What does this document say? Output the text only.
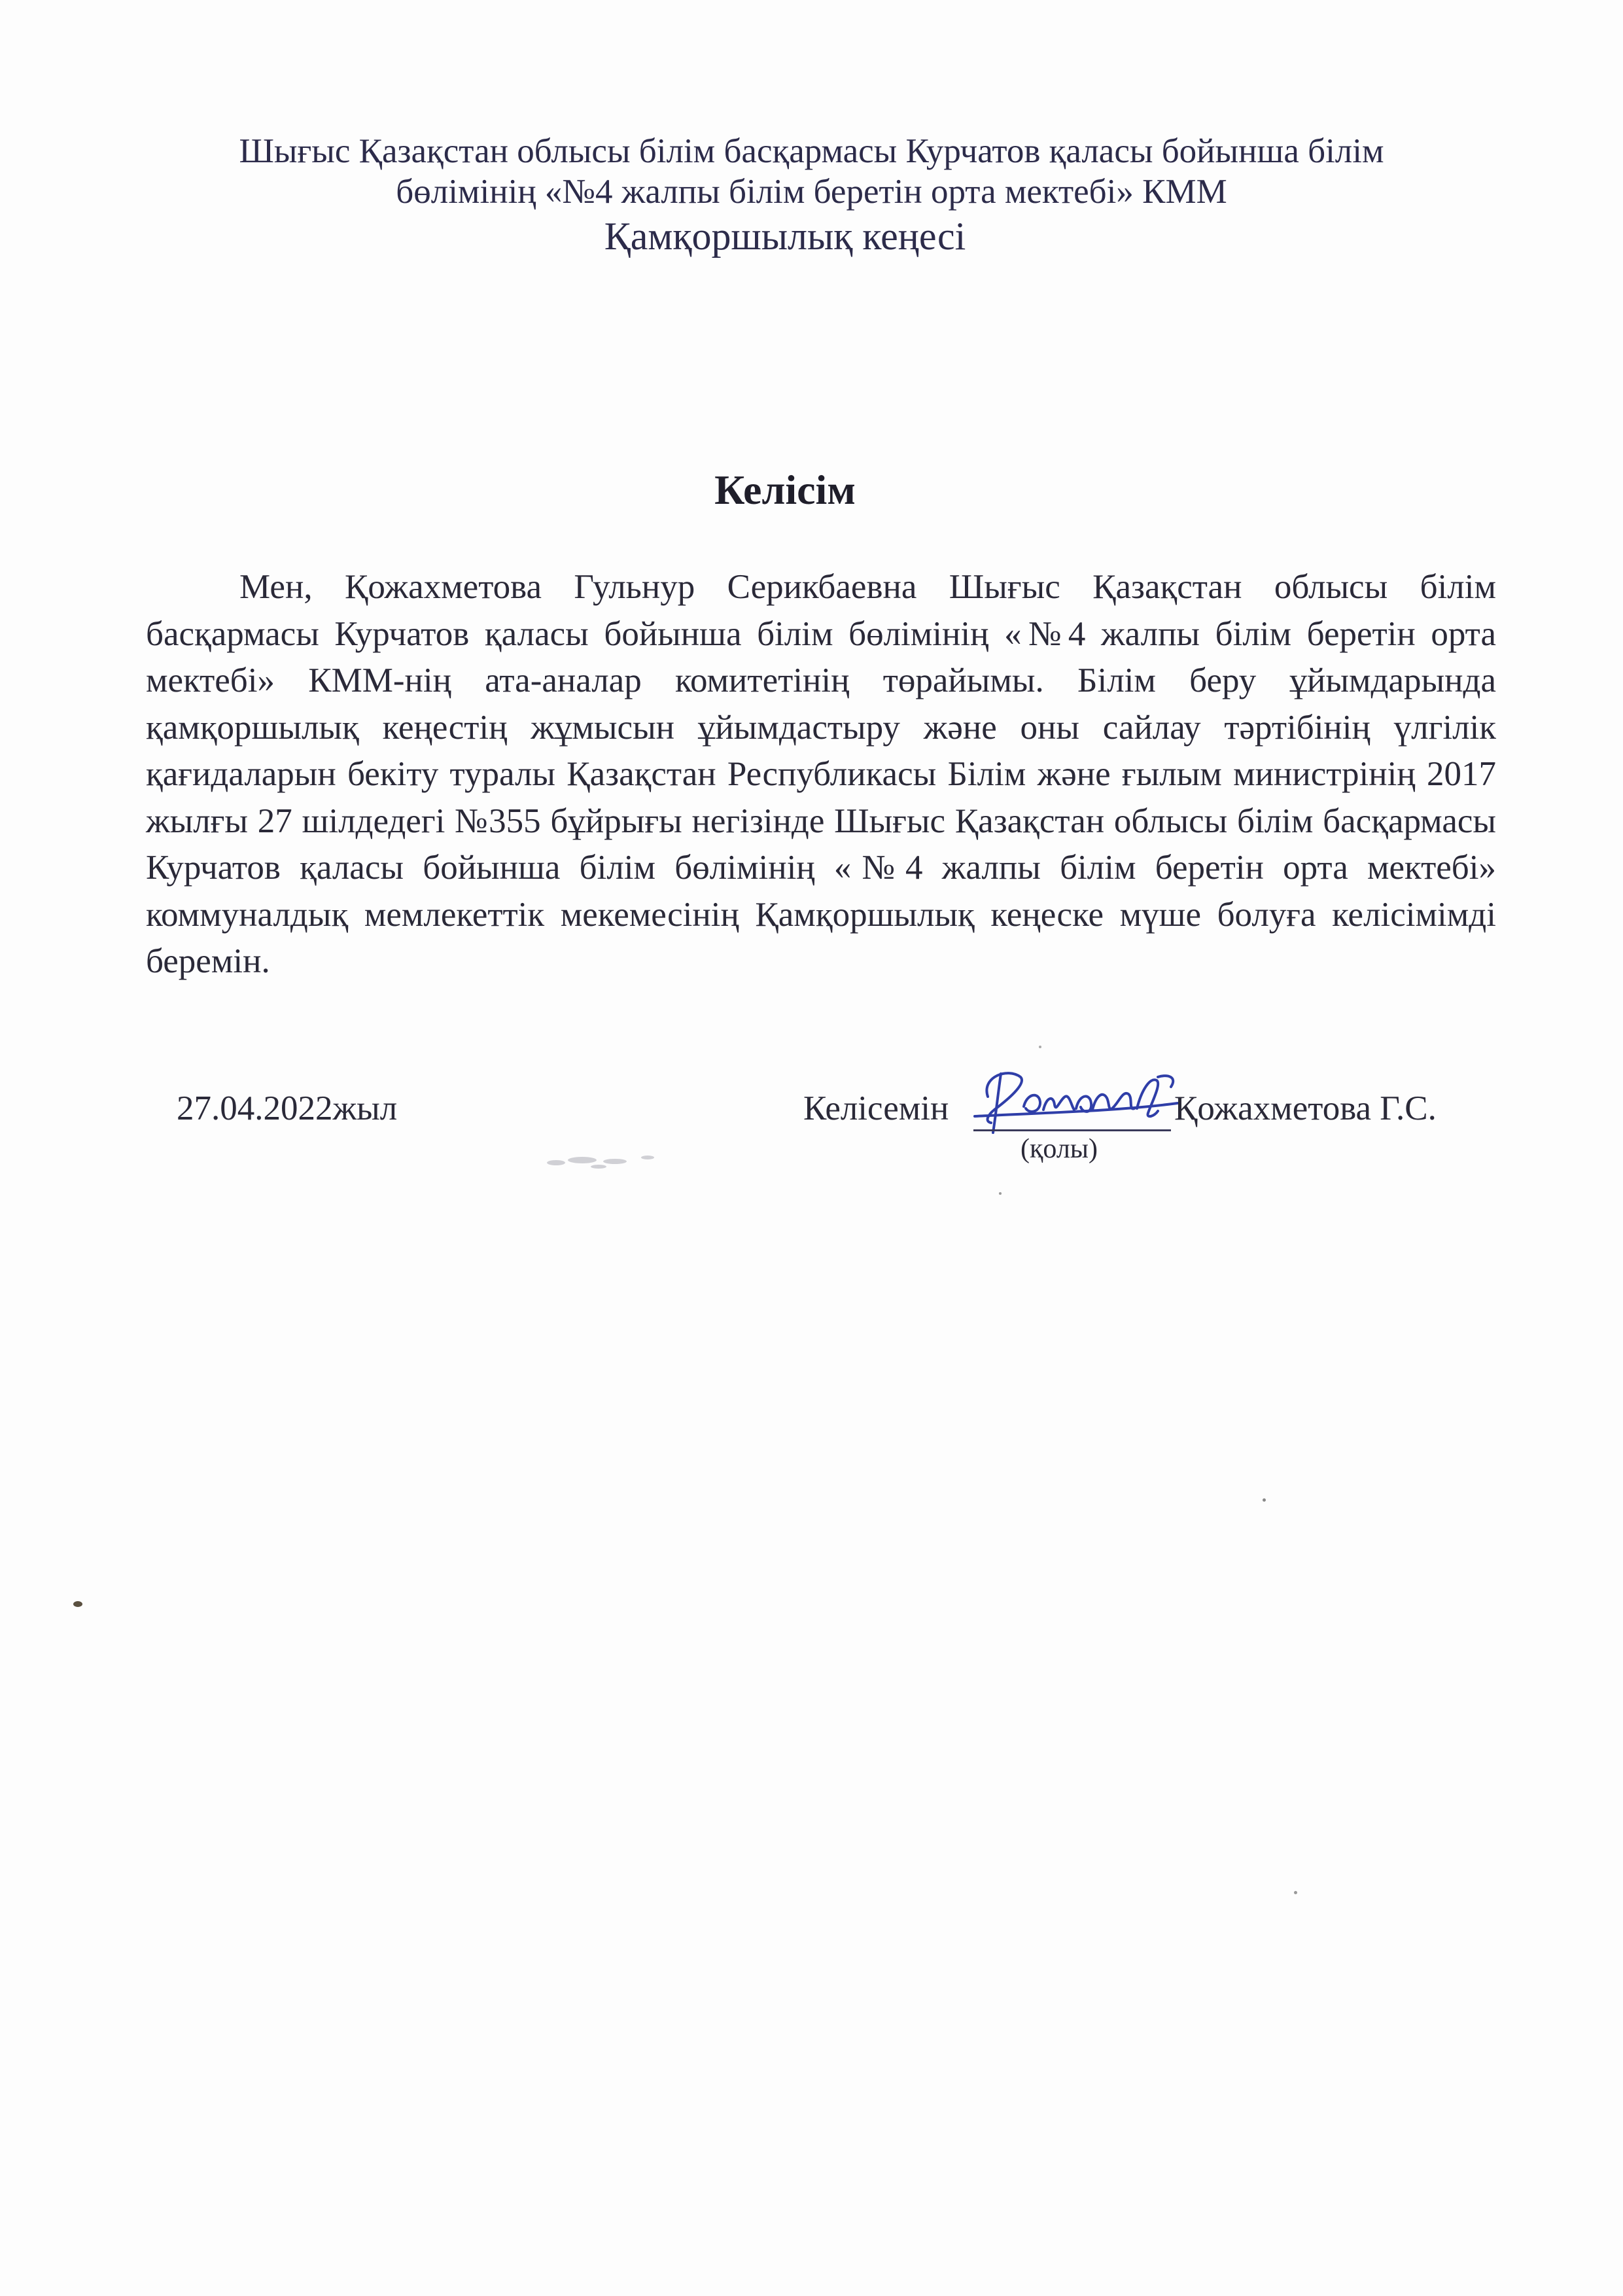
Шығыс Қазақстан облысы білім басқармасы Курчатов қаласы бойынша білім
бөлімінің «№4 жалпы білім беретін орта мектебі» КММ
Қамқоршылық кеңесі
Келісім

Мен, Қожахметова Гульнур Серикбаевна Шығыс Қазақстан облысы білім басқармасы Курчатов қаласы бойынша білім бөлімінің «№4 жалпы білім беретін орта мектебі» КММ-нің ата-аналар комитетінің төрайымы. Білім беру ұйымдарында қамқоршылық кеңестің жұмысын ұйымдастыру және оны сайлау тәртібінің үлгілік қағидаларын бекіту туралы Қазақстан Республикасы Білім және ғылым министрінің 2017 жылғы 27 шілдедегі №355 бұйрығы негізінде Шығыс Қазақстан облысы білім басқармасы Курчатов қаласы бойынша білім бөлімінің «№4 жалпы білім беретін орта мектебі» коммуналдық мемлекеттік мекемесінің Қамқоршылық кеңеске мүше болуға келісімімді беремін.

27.04.2022жыл	Келісемін
(қолы)
Қожахметова Г.С.
